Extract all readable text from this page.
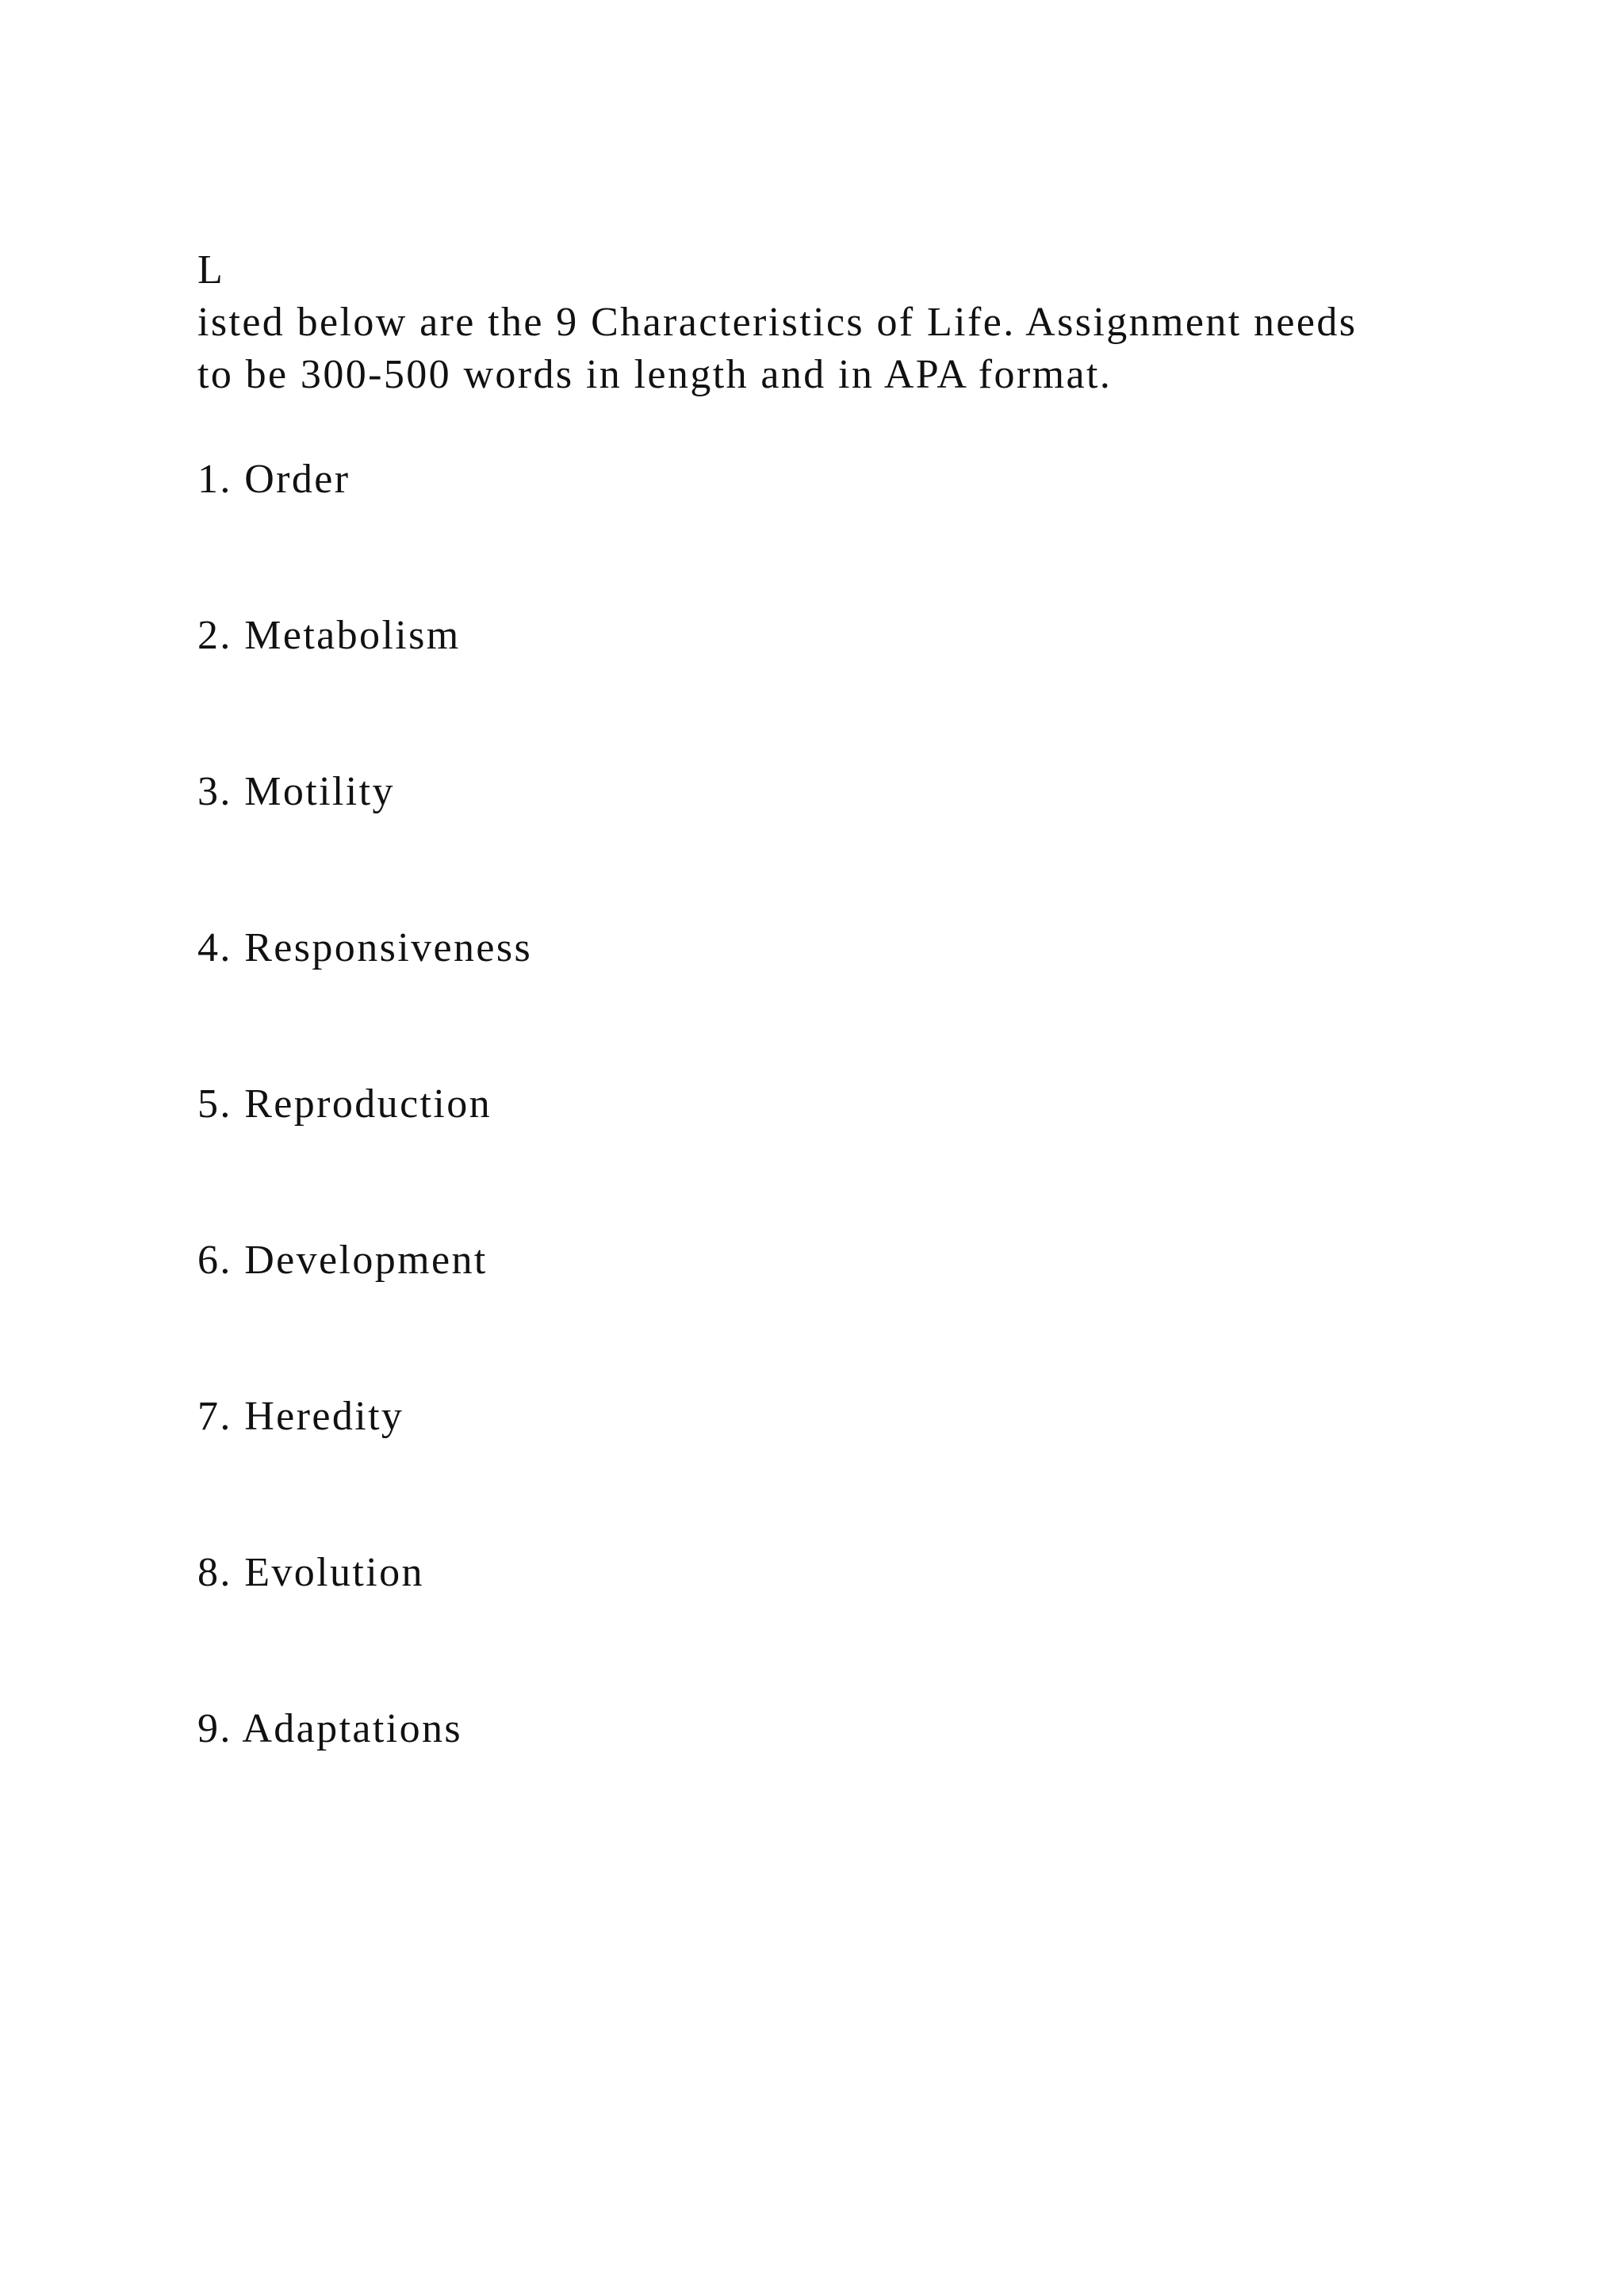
L
isted below are the 9 Characteristics of Life. Assignment needs
to be 300-500 words in length and in APA format.
1. Order
2. Metabolism
3. Motility
4. Responsiveness
5. Reproduction
6. Development
7. Heredity
8. Evolution
9. Adaptations
